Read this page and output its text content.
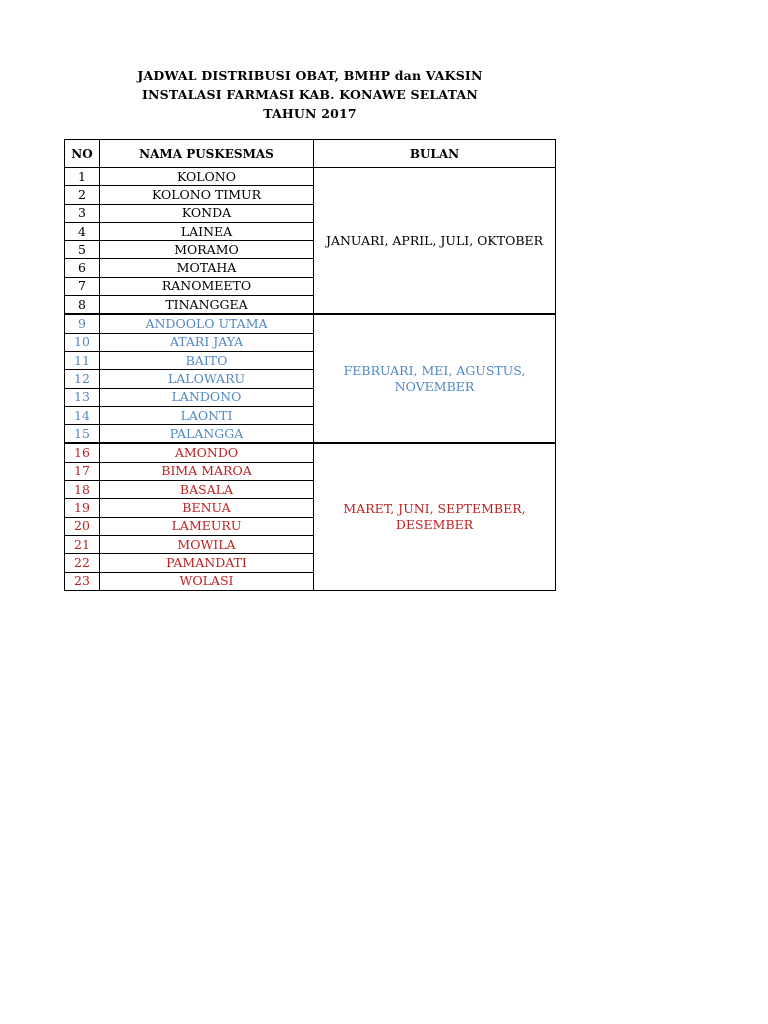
JADWAL DISTRIBUSI OBAT, BMHP dan VAKSIN
INSTALASI FARMASI KAB. KONAWE SELATAN
TAHUN 2017
NO	NAMA PUSKESMAS	BULAN
1	KOLONO	JANUARI, APRIL, JULI, OKTOBER
2	KOLONO TIMUR	
3	KONDA	
4	LAINEA	
5	MORAMO	
6	MOTAHA	
7	RANOMEETO	
8	TINANGGEA	
9	ANDOOLO UTAMA	FEBRUARI, MEI, AGUSTUS, NOVEMBER
10	ATARI JAYA	
11	BAITO	
12	LALOWARU	
13	LANDONO	
14	LAONTI	
15	PALANGGA	
16	AMONDO	MARET, JUNI, SEPTEMBER, DESEMBER
17	BIMA MAROA	
18	BASALA	
19	BENUA	
20	LAMEURU	
21	MOWILA	
22	PAMANDATI	
23	WOLASI	
